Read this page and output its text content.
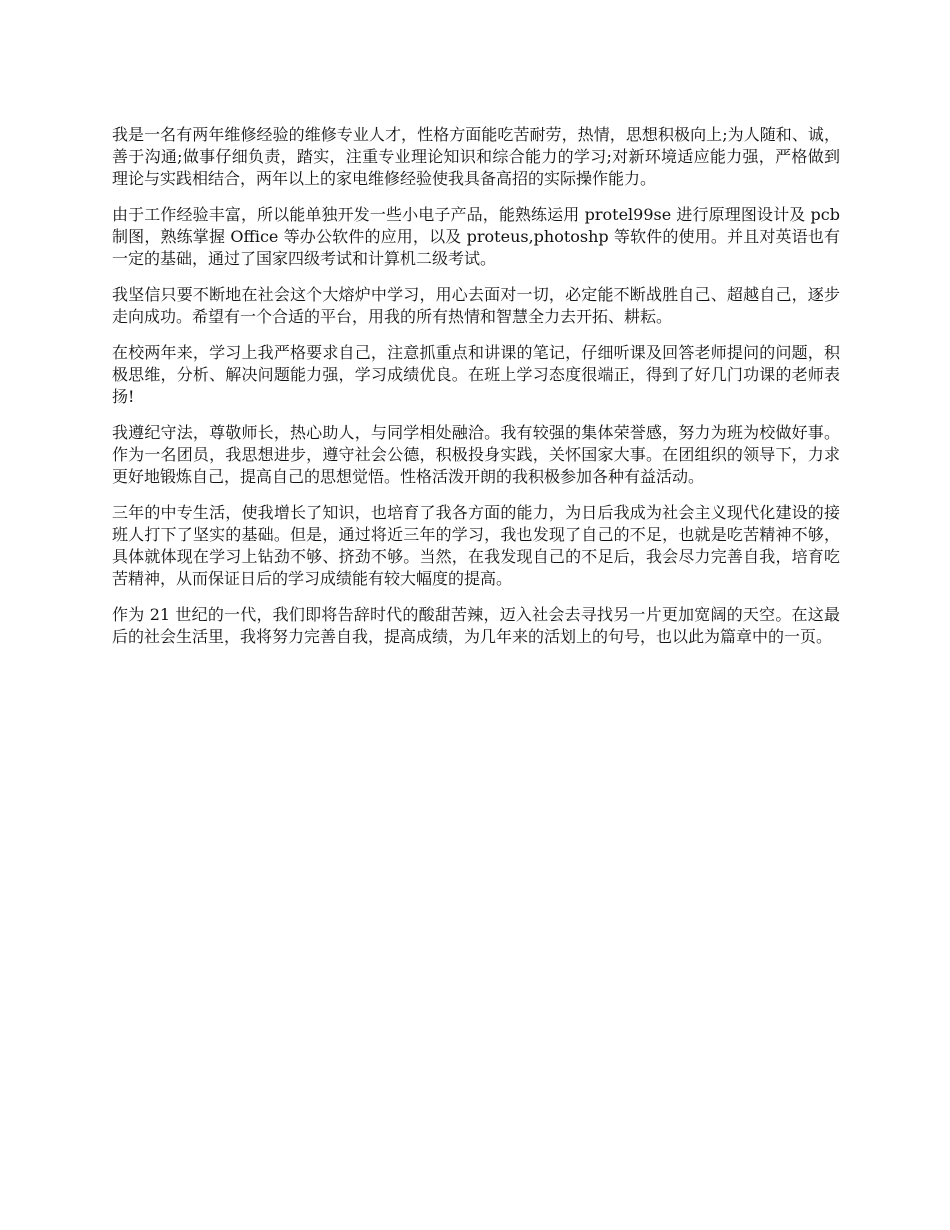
我是一名有两年维修经验的维修专业人才，性格方面能吃苦耐劳，热情，思想积极向上;为人随和、诚，善于沟通;做事仔细负责，踏实，注重专业理论知识和综合能力的学习;对新环境适应能力强，严格做到理论与实践相结合，两年以上的家电维修经验使我具备高招的实际操作能力。

由于工作经验丰富，所以能单独开发一些小电子产品，能熟练运用 protel99se 进行原理图设计及 pcb 制图，熟练掌握 Office 等办公软件的应用，以及 proteus,photoshp 等软件的使用。并且对英语也有一定的基础，通过了国家四级考试和计算机二级考试。

我坚信只要不断地在社会这个大熔炉中学习，用心去面对一切，必定能不断战胜自己、超越自己，逐步走向成功。希望有一个合适的平台，用我的所有热情和智慧全力去开拓、耕耘。

在校两年来，学习上我严格要求自己，注意抓重点和讲课的笔记，仔细听课及回答老师提问的问题，积极思维，分析、解决问题能力强，学习成绩优良。在班上学习态度很端正，得到了好几门功课的老师表扬!

我遵纪守法，尊敬师长，热心助人，与同学相处融洽。我有较强的集体荣誉感，努力为班为校做好事。作为一名团员，我思想进步，遵守社会公德，积极投身实践，关怀国家大事。在团组织的领导下，力求更好地锻炼自己，提高自己的思想觉悟。性格活泼开朗的我积极参加各种有益活动。

三年的中专生活，使我增长了知识，也培育了我各方面的能力，为日后我成为社会主义现代化建设的接班人打下了坚实的基础。但是，通过将近三年的学习，我也发现了自己的不足，也就是吃苦精神不够，具体就体现在学习上钻劲不够、挤劲不够。当然，在我发现自己的不足后，我会尽力完善自我，培育吃苦精神，从而保证日后的学习成绩能有较大幅度的提高。

作为 21 世纪的一代，我们即将告辞时代的酸甜苦辣，迈入社会去寻找另一片更加宽阔的天空。在这最后的社会生活里，我将努力完善自我，提高成绩，为几年来的活划上的句号，也以此为篇章中的一页。
